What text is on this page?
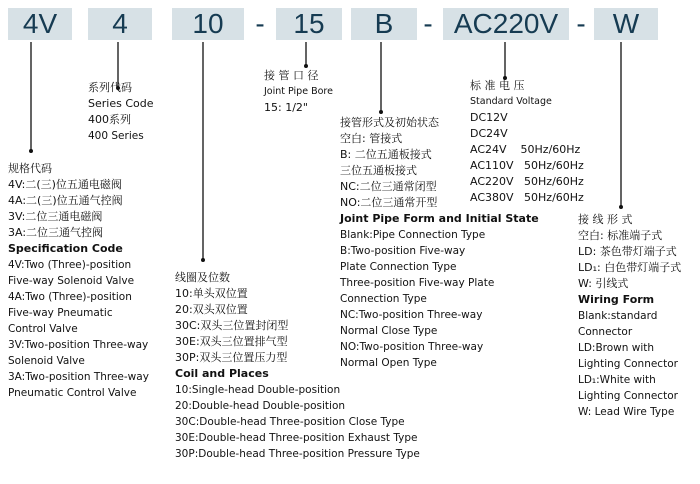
4V	4	10	-	15	B	- AC220V - W
系列代码
Series Code
400系列
400 Series
规格代码
4V:二(三)位五通电磁阀
4A:二(三)位五通气控阀
3V:二位三通电磁阀
3A:二位三通气控阀
Specification Code
4V:Two (Three)-position
Five-way Solenoid Valve
4A:Two (Three)-position
Five-way Pneumatic
Control Valve
3V:Two-position Three-way
Solenoid Valve
3A:Two-position Three-way
Pneumatic Control Valve
线圈及位数
10:单头双位置
20:双头双位置
30C:双头三位置封闭型
30E:双头三位置排气型
30P:双头三位置压力型
Coil and Places
10:Single-head Double-position
20:Double-head Double-position
30C:Double-head Three-position Close Type
30E:Double-head Three-position Exhaust Type
30P:Double-head Three-position Pressure Type
接 管 口 径
Joint Pipe Bore
15: 1/2"
接管形式及初始状态
空白: 管接式
B: 二位五通板接式
三位五通板接式
NC:二位三通常闭型
NO:二位三通常开型
Joint Pipe Form and Initial State
Blank:Pipe Connection Type
B:Two-position Five-way
Plate Connection Type
Three-position Five-way Plate
Connection Type
NC:Two-position Three-way
Normal Close Type
NO:Two-position Three-way
Normal Open Type
标 准 电 压
Standard Voltage
DC12V
DC24V
AC24V    50Hz/60Hz
AC110V   50Hz/60Hz
AC220V   50Hz/60Hz
AC380V   50Hz/60Hz
接 线 形 式
空白: 标准端子式
LD: 茶色带灯端子式
LD₁: 白色带灯端子式
W: 引线式
Wiring Form
Blank:standard
Connector
LD:Brown with
Lighting Connector
LD₁:White with
Lighting Connector
W: Lead Wire Type
